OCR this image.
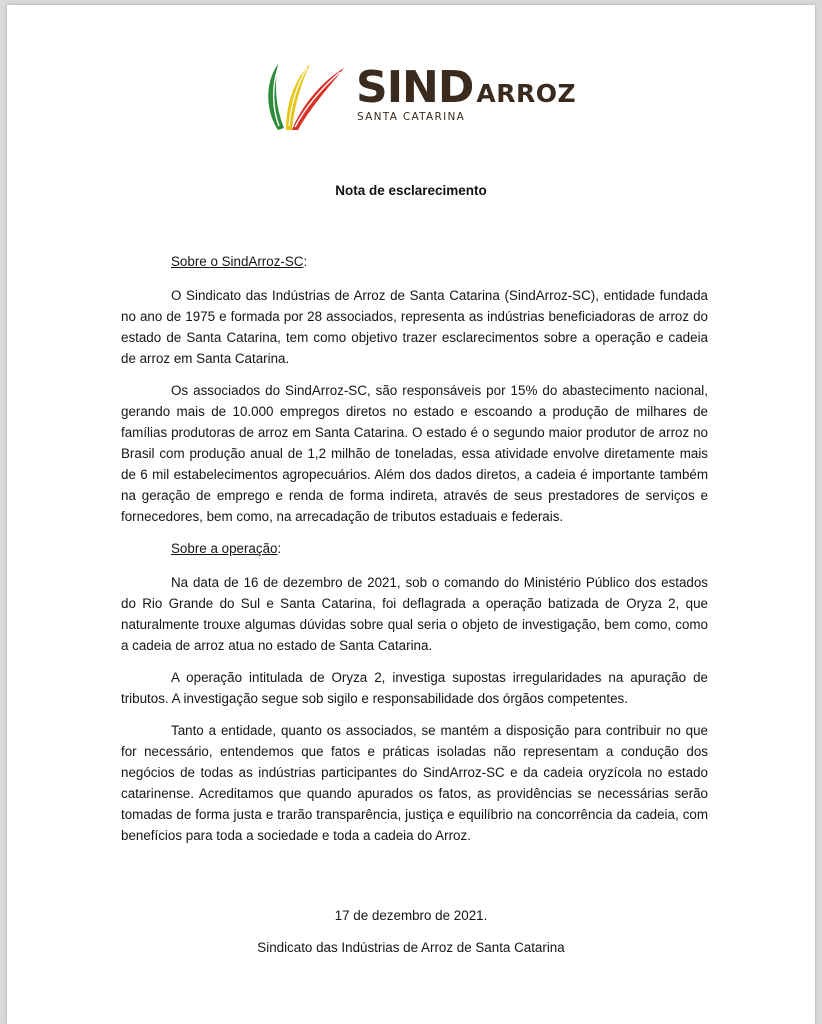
SIND ARROZ
SANTA CATARINA
Nota de esclarecimento

Sobre o SindArroz-SC:

O Sindicato das Indústrias de Arroz de Santa Catarina (SindArroz-SC), entidade fundada no ano de 1975 e formada por 28 associados, representa as indústrias beneficiadoras de arroz do estado de Santa Catarina, tem como objetivo trazer esclarecimentos sobre a operação e cadeia de arroz em Santa Catarina.

Os associados do SindArroz-SC, são responsáveis por 15% do abastecimento nacional, gerando mais de 10.000 empregos diretos no estado e escoando a produção de milhares de famílias produtoras de arroz em Santa Catarina. O estado é o segundo maior produtor de arroz no Brasil com produção anual de 1,2 milhão de toneladas, essa atividade envolve diretamente mais de 6 mil estabelecimentos agropecuários. Além dos dados diretos, a cadeia é importante também na geração de emprego e renda de forma indireta, através de seus prestadores de serviços e fornecedores, bem como, na arrecadação de tributos estaduais e federais.

Sobre a operação:

Na data de 16 de dezembro de 2021, sob o comando do Ministério Público dos estados do Rio Grande do Sul e Santa Catarina, foi deflagrada a operação batizada de Oryza 2, que naturalmente trouxe algumas dúvidas sobre qual seria o objeto de investigação, bem como, como a cadeia de arroz atua no estado de Santa Catarina.

A operação intitulada de Oryza 2, investiga supostas irregularidades na apuração de tributos. A investigação segue sob sigilo e responsabilidade dos órgãos competentes.

Tanto a entidade, quanto os associados, se mantém a disposição para contribuir no que for necessário, entendemos que fatos e práticas isoladas não representam a condução dos negócios de todas as indústrias participantes do SindArroz-SC e da cadeia oryzícola no estado catarinense. Acreditamos que quando apurados os fatos, as providências se necessárias serão tomadas de forma justa e trarão transparência, justiça e equilíbrio na concorrência da cadeia, com benefícios para toda a sociedade e toda a cadeia do Arroz.

17 de dezembro de 2021.
Sindicato das Indústrias de Arroz de Santa Catarina
